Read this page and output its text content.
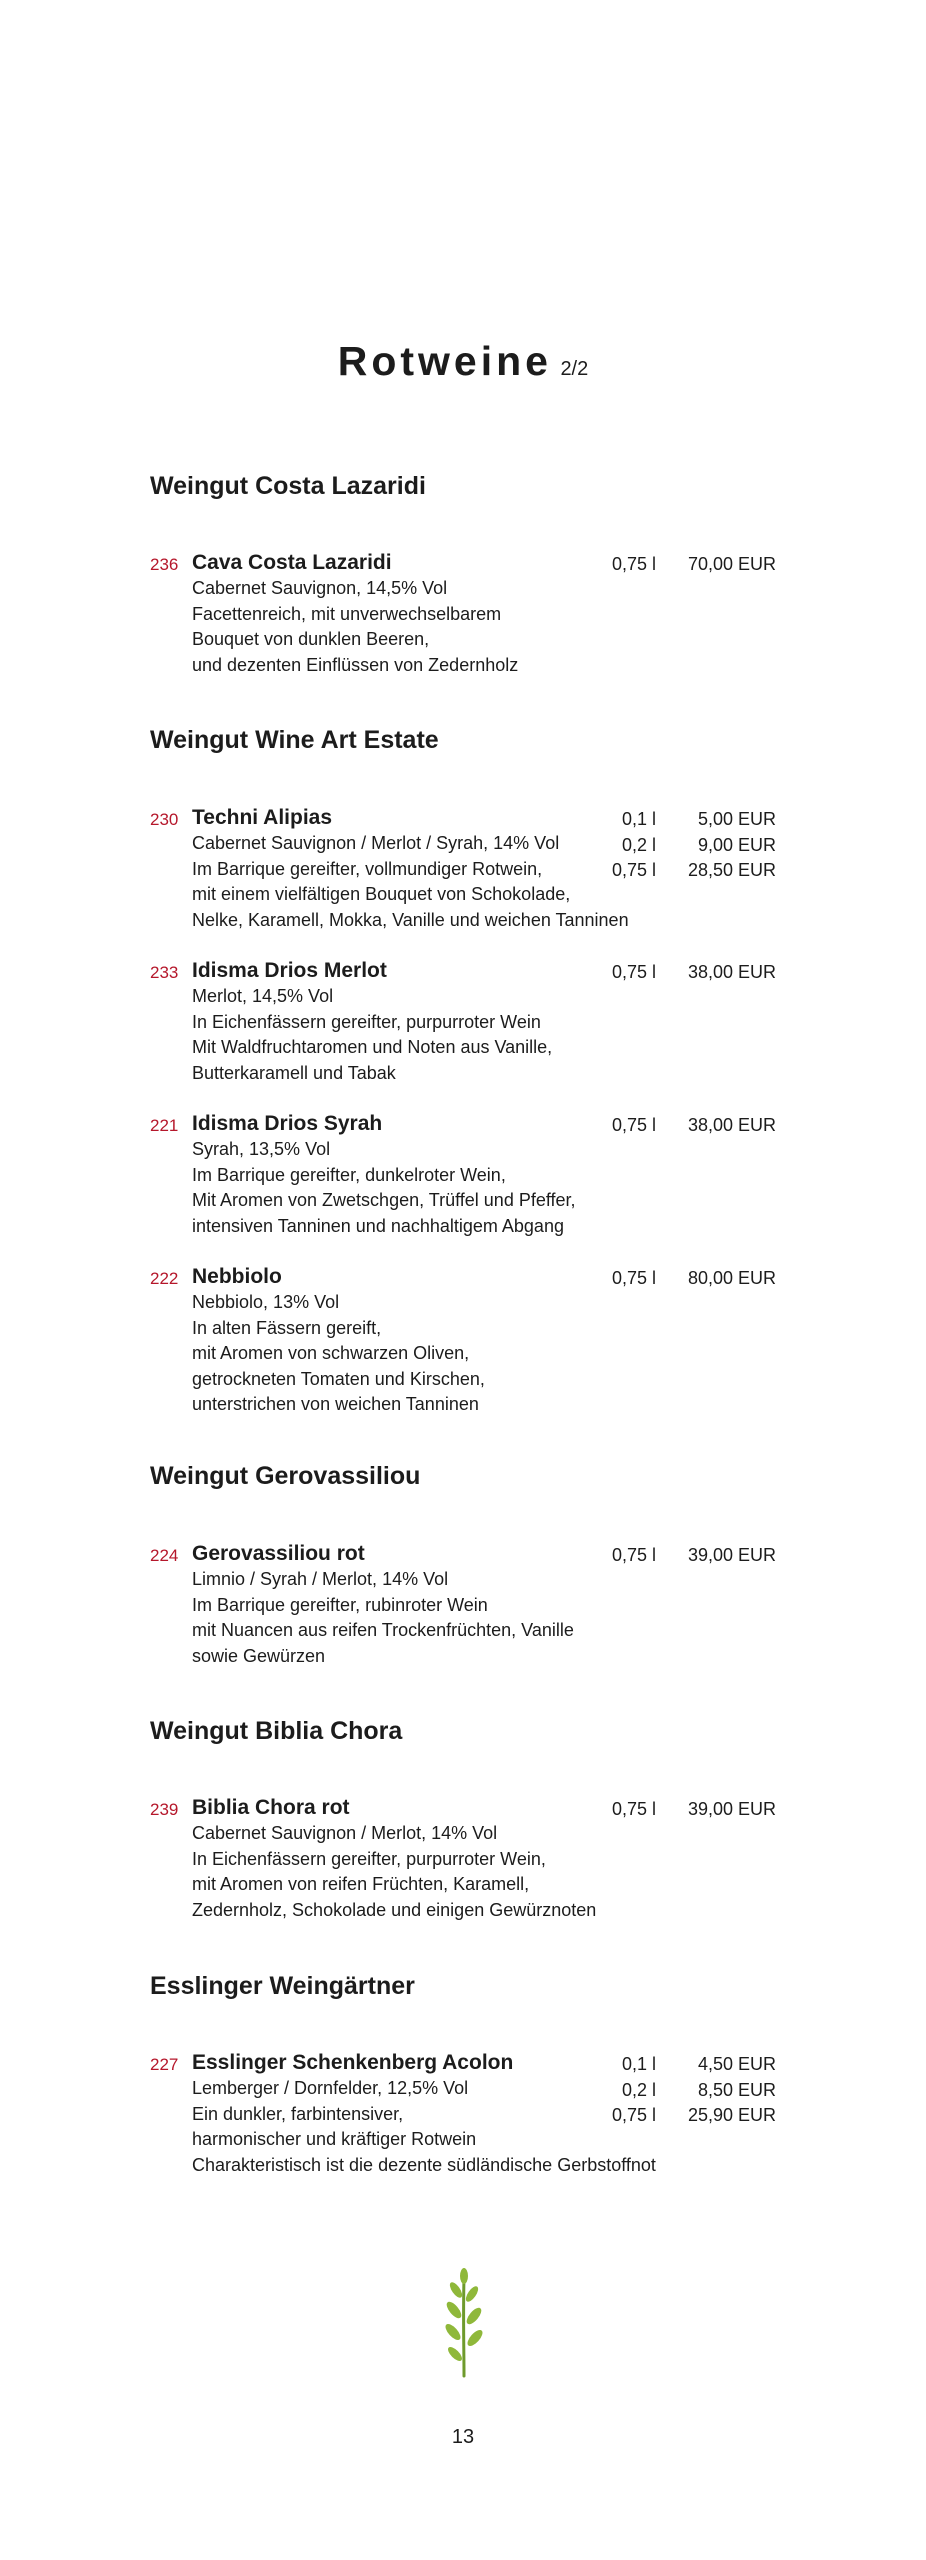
Rotweine 2/2
Weingut Costa Lazaridi
236 Cava Costa Lazaridi
Cabernet Sauvignon, 14,5% Vol
Facettenreich, mit unverwechselbarem
Bouquet von dunklen Beeren,
und dezenten Einflüssen von Zedernholz
0,75 l	70,00 EUR
Weingut Wine Art Estate
230 Techni Alipias
Cabernet Sauvignon / Merlot / Syrah, 14% Vol
Im Barrique gereifter, vollmundiger Rotwein,
mit einem vielfältigen Bouquet von Schokolade,
Nelke, Karamell, Mokka, Vanille und weichen Tanninen
0,1 l	5,00 EUR
0,2 l	9,00 EUR
0,75 l	28,50 EUR
233 Idisma Drios Merlot
Merlot, 14,5% Vol
In Eichenfässern gereifter, purpurroter Wein
Mit Waldfruchtaromen und Noten aus Vanille,
Butterkaramell und Tabak
0,75 l	38,00 EUR
221 Idisma Drios Syrah
Syrah, 13,5% Vol
Im Barrique gereifter, dunkelroter Wein,
Mit Aromen von Zwetschgen, Trüffel und Pfeffer,
intensiven Tanninen und nachhaltigem Abgang
0,75 l	38,00 EUR
222 Nebbiolo
Nebbiolo, 13% Vol
In alten Fässern gereift,
mit Aromen von schwarzen Oliven,
getrockneten Tomaten und Kirschen,
unterstrichen von weichen Tanninen
0,75 l	80,00 EUR
Weingut Gerovassiliou
224 Gerovassiliou rot
Limnio / Syrah / Merlot, 14% Vol
Im Barrique gereifter, rubinroter Wein
mit Nuancen aus reifen Trockenfrüchten, Vanille
sowie Gewürzen
0,75 l	39,00 EUR
Weingut Biblia Chora
239 Biblia Chora rot
Cabernet Sauvignon / Merlot, 14% Vol
In Eichenfässern gereifter, purpurroter Wein,
mit Aromen von reifen Früchten, Karamell,
Zedernholz, Schokolade und einigen Gewürznoten
0,75 l	39,00 EUR
Esslinger Weingärtner
227 Esslinger Schenkenberg Acolon
Lemberger / Dornfelder, 12,5% Vol
Ein dunkler, farbintensiver,
harmonischer und kräftiger Rotwein
Charakteristisch ist die dezente südländische Gerbstoffnot
0,1 l	4,50 EUR
0,2 l	8,50 EUR
0,75 l	25,90 EUR
13
